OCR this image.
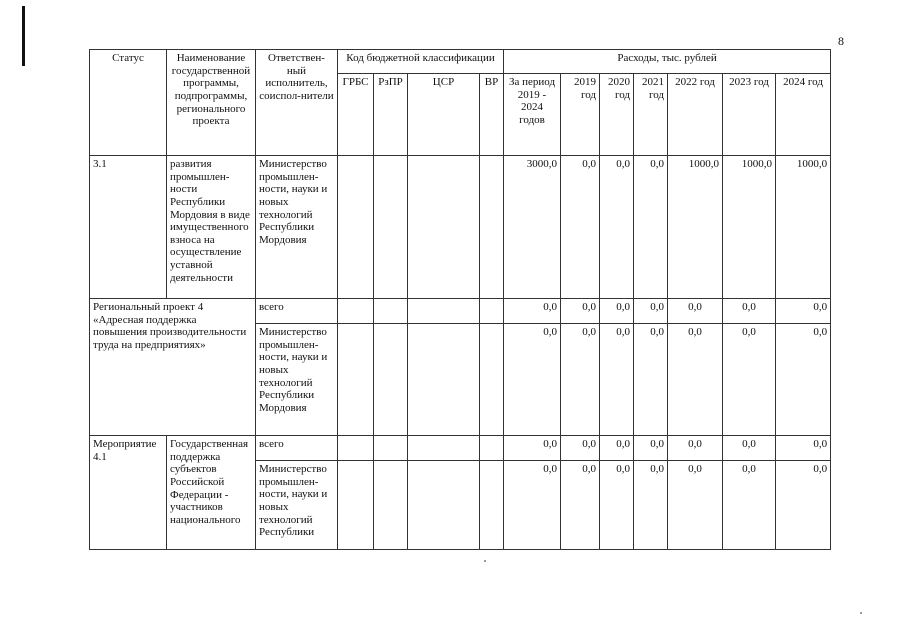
8
Статус	Наименование государственной программы, подпрограммы, регионального проекта	Ответствен-ный исполнитель, соиспол-нители	Код бюджетной классификации				Расходы, тыс. рублей						
			ГРБС	РзПР	ЦСР	ВР	За период 2019 - 2024 годов	2019 год	2020 год	2021 год	2022 год	2023 год	2024 год
3.1	развития промышлен-ности Республики Мордовия в виде имущественного взноса на осуществление уставной деятельности	Министерство промышлен-ности, науки и новых технологий Республики Мордовия					3000,0	0,0	0,0	0,0	1000,0	1000,0	1000,0
Региональный проект 4 «Адресная поддержка повышения производительности труда на предприятиях»		всего					0,0	0,0	0,0	0,0	0,0	0,0	0,0
		Министерство промышлен-ности, науки и новых технологий Республики Мордовия					0,0	0,0	0,0	0,0	0,0	0,0	0,0
Мероприятие 4.1	Государственная поддержка субъектов Российской Федерации - участников национального	всего					0,0	0,0	0,0	0,0	0,0	0,0	0,0
		Министерство промышлен-ности, науки и новых технологий Республики					0,0	0,0	0,0	0,0	0,0	0,0	0,0
